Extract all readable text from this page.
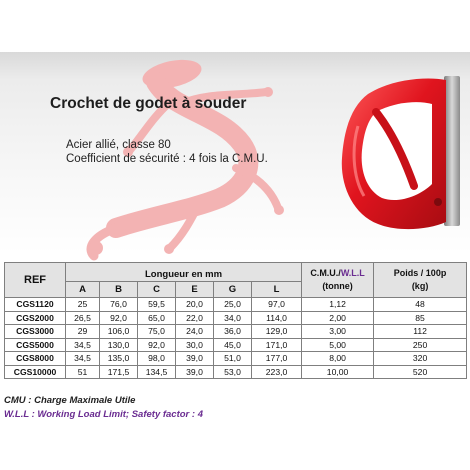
Crochet de godet à souder
Acier allié, classe 80
Coefficient de sécurité : 4 fois la C.M.U.
REF	Longueur en mm						C.M.U./W.L.L
(tonne)	Poids / 100p
(kg)
	A	B	C	E	G	L		
CGS1120	25	76,0	59,5	20,0	25,0	97,0	1,12	48
CGS2000	26,5	92,0	65,0	22,0	34,0	114,0	2,00	85
CGS3000	29	106,0	75,0	24,0	36,0	129,0	3,00	112
CGS5000	34,5	130,0	92,0	30,0	45,0	171,0	5,00	250
CGS8000	34,5	135,0	98,0	39,0	51,0	177,0	8,00	320
CGS10000	51	171,5	134,5	39,0	53,0	223,0	10,00	520
CMU : Charge Maximale Utile
W.L.L : Working Load Limit; Safety factor : 4
